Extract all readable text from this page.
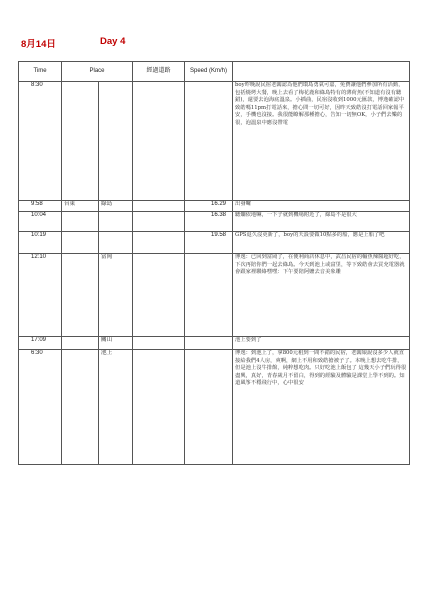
8月14日	Day 4
Time	Place		經過道路	Speed (Km/h)	
8:30					boy昨晚說民宿老闆認為他們環島勇氣可嘉，免費讓他們參加所有活動，包括燒烤大餐，晚上去看了梅花鹿和綠島特有的薄荷魚(不知道有沒有聽錯)，還要去泡海底溫泉。小插曲，民宿沒收到1000元匯款，博逸確認中 致皓嗎11pm打電話來，擔心問一切可好，因昨天致皓沒打電話回家報平安，手機也沒接。我很能瞭解那種擔心，告知一切無OK，小子們去樂的很，泡溫泉中應沒帶電
9:58	台東	綠島		16.29	出發囉
10:04				16.38	聽爛依地嘛，一下子就到機場附近了，綠島不是很大
10:19				19.58	GPS退久沒更新了，boy的天設要做10點多的船，應是上船了吧
12:10		富岡			博逸：已回到富岡了，在便利商店休息中，武昌民宿的輸魚辣醬超好吃，下次再陪你們一起去綠島。今天到池上或富里，等下致皓會去買充電器就會跟家裡聯絡嘿嘿：下午要陪阿嬤去音美象雕
17:09		關山			池上要到了
6:30		池上			博逸：到池上了，拿800元租到一間不錯的民宿，老闆娘說沒多少人就直接給我們4人房，爽啊，網上不用和致皓搶被子了。本晚上想去吃牛排，但是池上沒牛排館，純粹想吃肉。只好吃池上飯包了 這幾天小子們玩得很盡興，真好，青春歲月不留白，得到的經驗及體驗是課堂上學不到的。知道風筝不穩飛行中，心中很安
